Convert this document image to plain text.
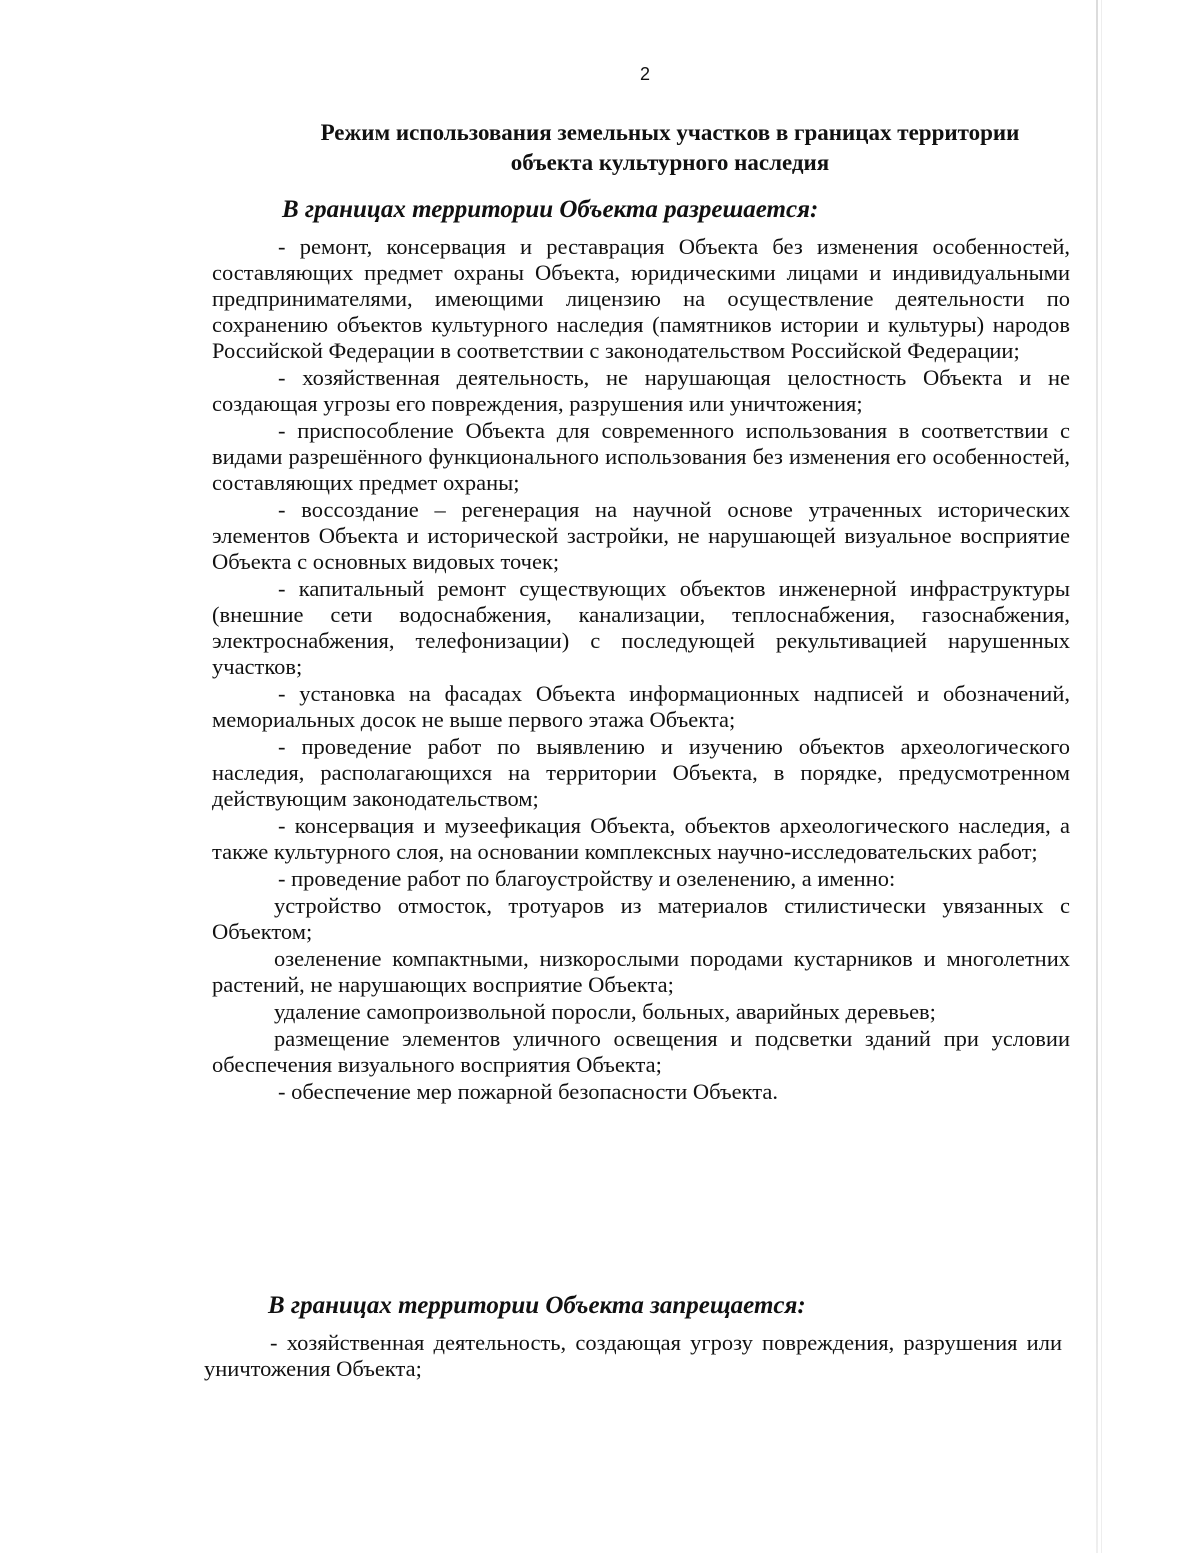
2
Режим использования земельных участков в границах территории
объекта культурного наследия
В границах территории Объекта разрешается:
- ремонт, консервация и реставрация Объекта без изменения особенностей, составляющих предмет охраны Объекта, юридическими лицами и индивидуальными предпринимателями, имеющими лицензию на осуществление деятельности по сохранению объектов культурного наследия (памятников истории и культуры) народов Российской Федерации в соответствии с законодательством Российской Федерации;
- хозяйственная деятельность, не нарушающая целостность Объекта и не создающая угрозы его повреждения, разрушения или уничтожения;
- приспособление Объекта для современного использования в соответствии с видами разрешённого функционального использования без изменения его особенностей, составляющих предмет охраны;
- воссоздание – регенерация на научной основе утраченных исторических элементов Объекта и исторической застройки, не нарушающей визуальное восприятие Объекта с основных видовых точек;
- капитальный ремонт существующих объектов инженерной инфраструктуры (внешние сети водоснабжения, канализации, теплоснабжения, газоснабжения, электроснабжения, телефонизации) с последующей рекультивацией нарушенных участков;
- установка на фасадах Объекта информационных надписей и обозначений, мемориальных досок не выше первого этажа Объекта;
- проведение работ по выявлению и изучению объектов археологического наследия, располагающихся на территории Объекта, в порядке, предусмотренном действующим законодательством;
- консервация и музеефикация Объекта, объектов археологического наследия, а также культурного слоя, на основании комплексных научно-исследовательских работ;
- проведение работ по благоустройству и озеленению, а именно:
устройство отмосток, тротуаров из материалов стилистически увязанных с Объектом;
озеленение компактными, низкорослыми породами кустарников и многолетних растений, не нарушающих восприятие Объекта;
удаление самопроизвольной поросли, больных, аварийных деревьев;
размещение элементов уличного освещения и подсветки зданий при условии обеспечения визуального восприятия Объекта;
- обеспечение мер пожарной безопасности Объекта.
В границах территории Объекта запрещается:
- хозяйственная деятельность, создающая угрозу повреждения, разрушения или уничтожения Объекта;
